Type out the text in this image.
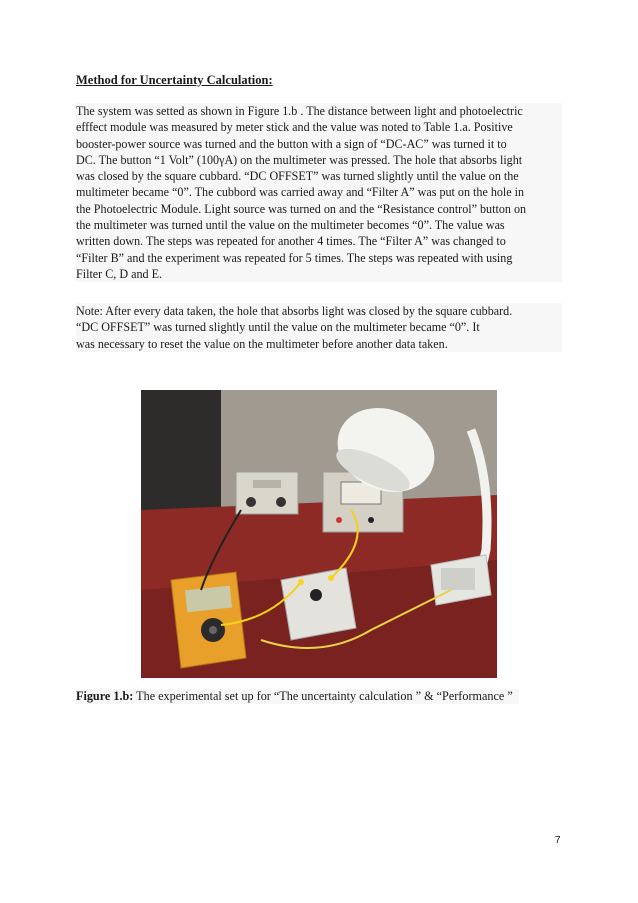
Method for Uncertainty Calculation:
The system was setted as shown in Figure 1.b . The distance between light and photoelectric
efffect module was measured by meter stick and the value was noted to Table 1.a. Positive
booster-power source was turned and the button with a sign of “DC-AC” was turned it to
DC. The button “1 Volt” (100γA) on the multimeter was pressed. The hole that absorbs light
was closed by the square cubbard. “DC OFFSET” was turned slightly until the value on the
multimeter became “0”. The cubbord was carried away and “Filter A” was put on the hole in
the Photoelectric Module. Light source was turned on and the “Resistance control” button on
the multimeter was turned until the value on the multimeter becomes “0”. The value was
written down. The steps was repeated for another 4 times. The “Filter A” was changed to
“Filter B” and the experiment was repeated for 5 times. The steps was repeated with using
Filter C, D and E.
Note: After every data taken, the hole that absorbs light was closed by the square cubbard.
“DC OFFSET” was turned slightly until the value on the multimeter became “0”. It
was necessary to reset the value on the multimeter before another data taken.
Figure 1.b: The experimental set up for “The uncertainty calculation ” & “Performance ”
7
